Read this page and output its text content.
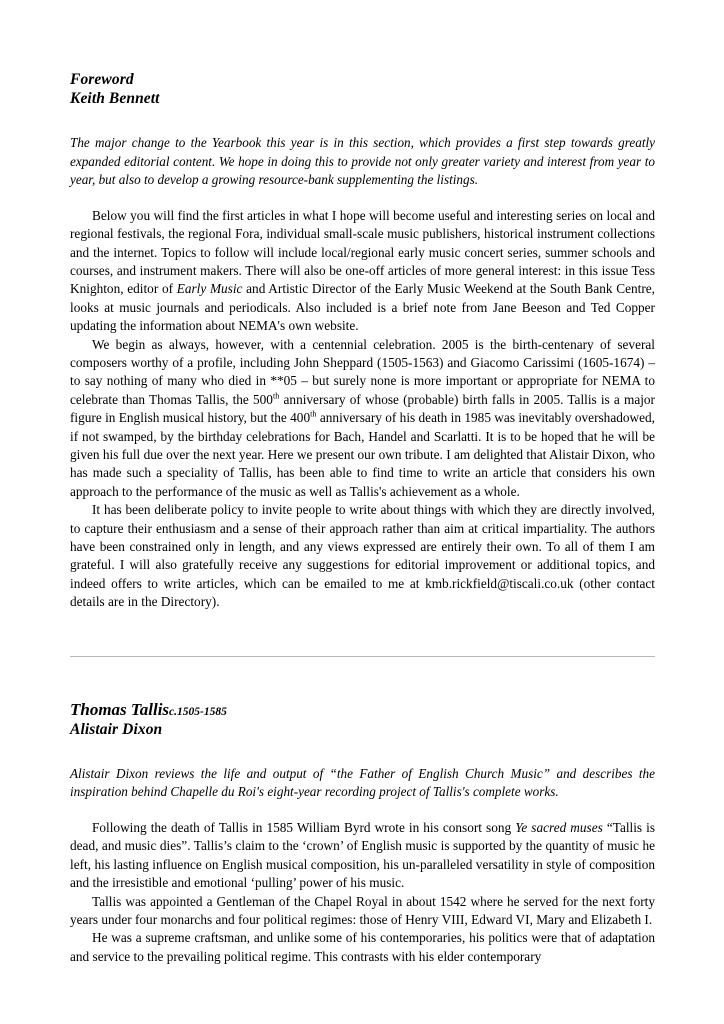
Foreword
Keith Bennett

The major change to the Yearbook this year is in this section, which provides a first step towards greatly expanded editorial content. We hope in doing this to provide not only greater variety and interest from year to year, but also to develop a growing resource-bank supplementing the listings.

Below you will find the first articles in what I hope will become useful and interesting series on local and regional festivals, the regional Fora, individual small-scale music publishers, historical instrument collections and the internet. Topics to follow will include local/regional early music concert series, summer schools and courses, and instrument makers. There will also be one-off articles of more general interest: in this issue Tess Knighton, editor of Early Music and Artistic Director of the Early Music Weekend at the South Bank Centre, looks at music journals and periodicals. Also included is a brief note from Jane Beeson and Ted Copper updating the information about NEMA's own website.

We begin as always, however, with a centennial celebration. 2005 is the birth-centenary of several composers worthy of a profile, including John Sheppard (1505-1563) and Giacomo Carissimi (1605-1674) – to say nothing of many who died in **05 – but surely none is more important or appropriate for NEMA to celebrate than Thomas Tallis, the 500th anniversary of whose (probable) birth falls in 2005. Tallis is a major figure in English musical history, but the 400th anniversary of his death in 1985 was inevitably overshadowed, if not swamped, by the birthday celebrations for Bach, Handel and Scarlatti. It is to be hoped that he will be given his full due over the next year. Here we present our own tribute. I am delighted that Alistair Dixon, who has made such a speciality of Tallis, has been able to find time to write an article that considers his own approach to the performance of the music as well as Tallis's achievement as a whole.

It has been deliberate policy to invite people to write about things with which they are directly involved, to capture their enthusiasm and a sense of their approach rather than aim at critical impartiality. The authors have been constrained only in length, and any views expressed are entirely their own. To all of them I am grateful. I will also gratefully receive any suggestions for editorial improvement or additional topics, and indeed offers to write articles, which can be emailed to me at kmb.rickfield@tiscali.co.uk (other contact details are in the Directory).

Thomas Tallisc.1505-1585
Alistair Dixon

Alistair Dixon reviews the life and output of “the Father of English Church Music” and describes the inspiration behind Chapelle du Roi's eight-year recording project of Tallis's complete works.

Following the death of Tallis in 1585 William Byrd wrote in his consort song Ye sacred muses “Tallis is dead, and music dies”. Tallis’s claim to the ‘crown’ of English music is supported by the quantity of music he left, his lasting influence on English musical composition, his un-paralleled versatility in style of composition and the irresistible and emotional ‘pulling’ power of his music.

Tallis was appointed a Gentleman of the Chapel Royal in about 1542 where he served for the next forty years under four monarchs and four political regimes: those of Henry VIII, Edward VI, Mary and Elizabeth I.

He was a supreme craftsman, and unlike some of his contemporaries, his politics were that of adaptation and service to the prevailing political regime. This contrasts with his elder contemporary
